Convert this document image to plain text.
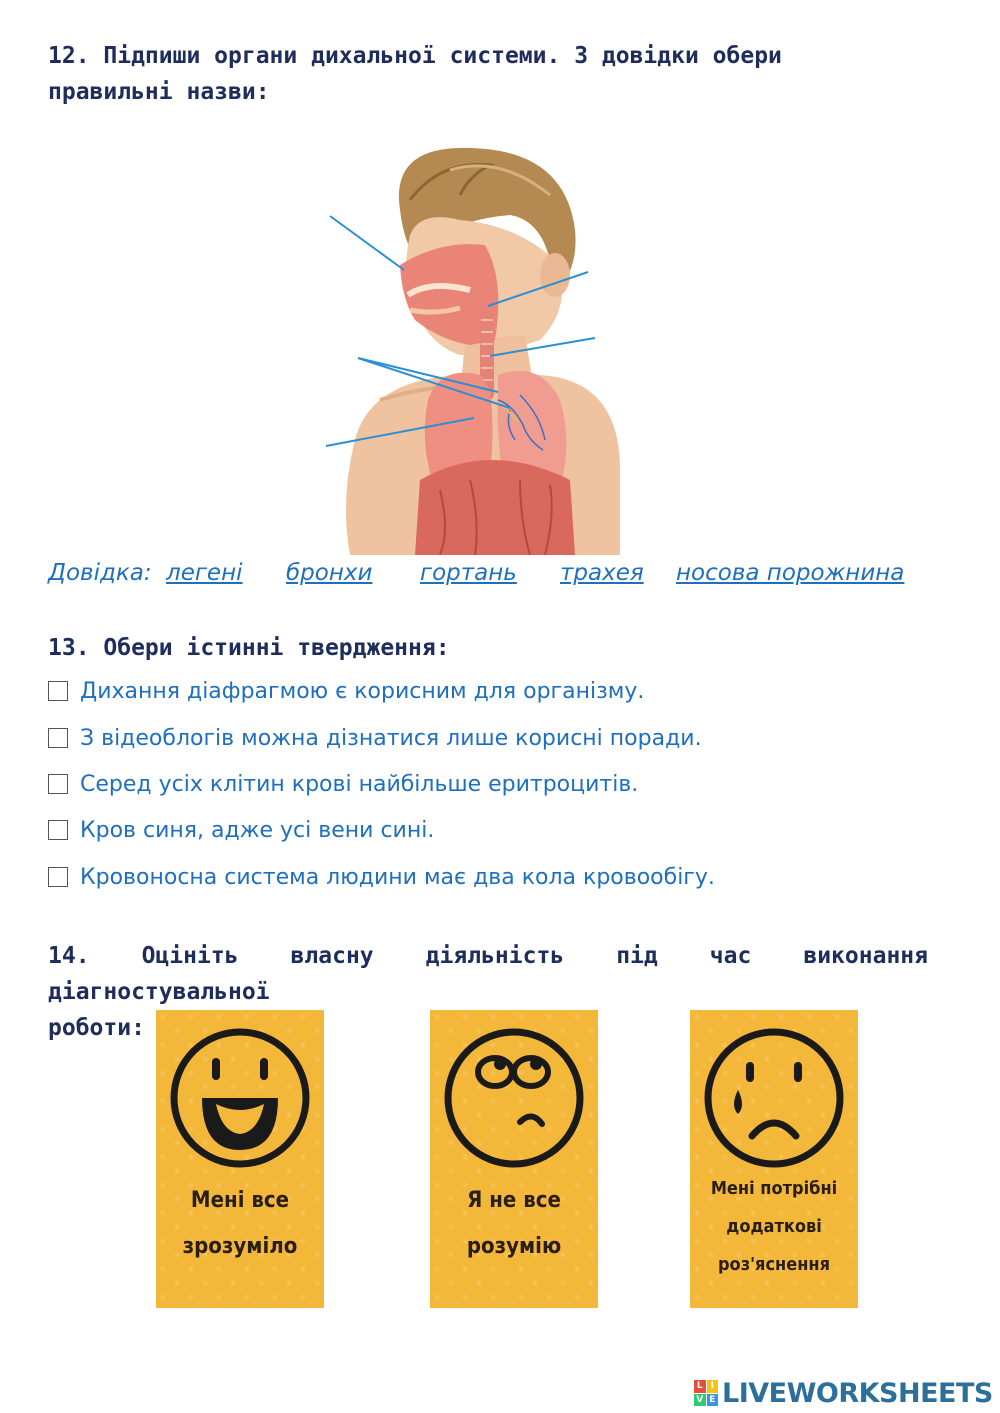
12. Підпиши органи дихальної системи. З довідки обери
правильні назви:
Довідка: легені бронхи гортань трахея носова порожнина
13. Обери істинні твердження:
Дихання діафрагмою є корисним для організму.
З відеоблогів можна дізнатися лише корисні поради.
Серед усіх клітин крові найбільше еритроцитів.
Кров синя, адже усі вени сині.
Кровоносна система людини має два кола кровообігу.
14. Оцініть власну діяльність під час виконання діагностувальної
роботи:
Мені все
зрозуміло
Я не все
розумію
Мені потрібні
додаткові
роз'яснення
L I
V E LIVEWORKSHEETS
